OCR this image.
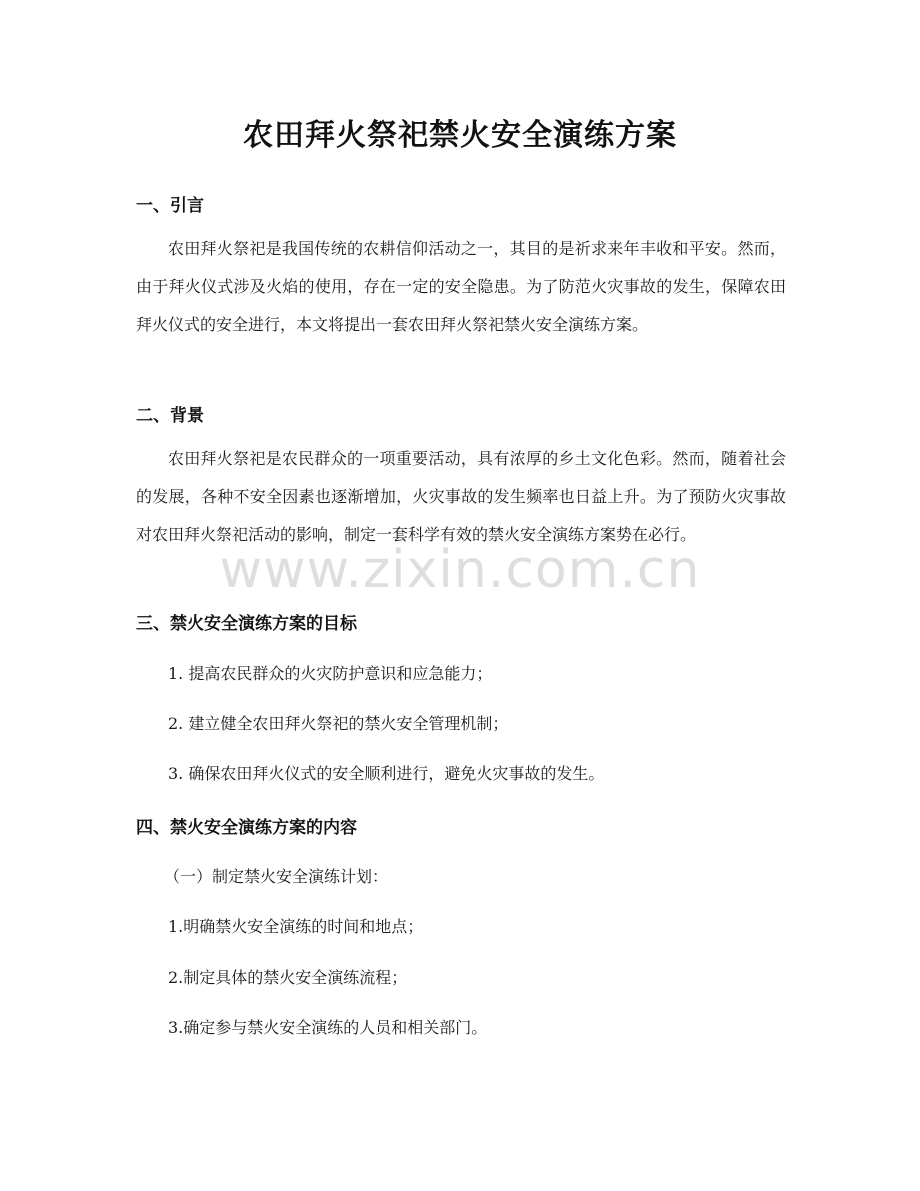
农田拜火祭祀禁火安全演练方案
一、引言
农田拜火祭祀是我国传统的农耕信仰活动之一，其目的是祈求来年丰收和平安。然而，由于拜火仪式涉及火焰的使用，存在一定的安全隐患。为了防范火灾事故的发生，保障农田拜火仪式的安全进行，本文将提出一套农田拜火祭祀禁火安全演练方案。
二、背景
农田拜火祭祀是农民群众的一项重要活动，具有浓厚的乡土文化色彩。然而，随着社会的发展，各种不安全因素也逐渐增加，火灾事故的发生频率也日益上升。为了预防火灾事故对农田拜火祭祀活动的影响，制定一套科学有效的禁火安全演练方案势在必行。
三、禁火安全演练方案的目标
1. 提高农民群众的火灾防护意识和应急能力；
2. 建立健全农田拜火祭祀的禁火安全管理机制；
3. 确保农田拜火仪式的安全顺利进行，避免火灾事故的发生。
四、禁火安全演练方案的内容
（一）制定禁火安全演练计划：
1.明确禁火安全演练的时间和地点；
2.制定具体的禁火安全演练流程；
3.确定参与禁火安全演练的人员和相关部门。
www.zixin.com.cn
